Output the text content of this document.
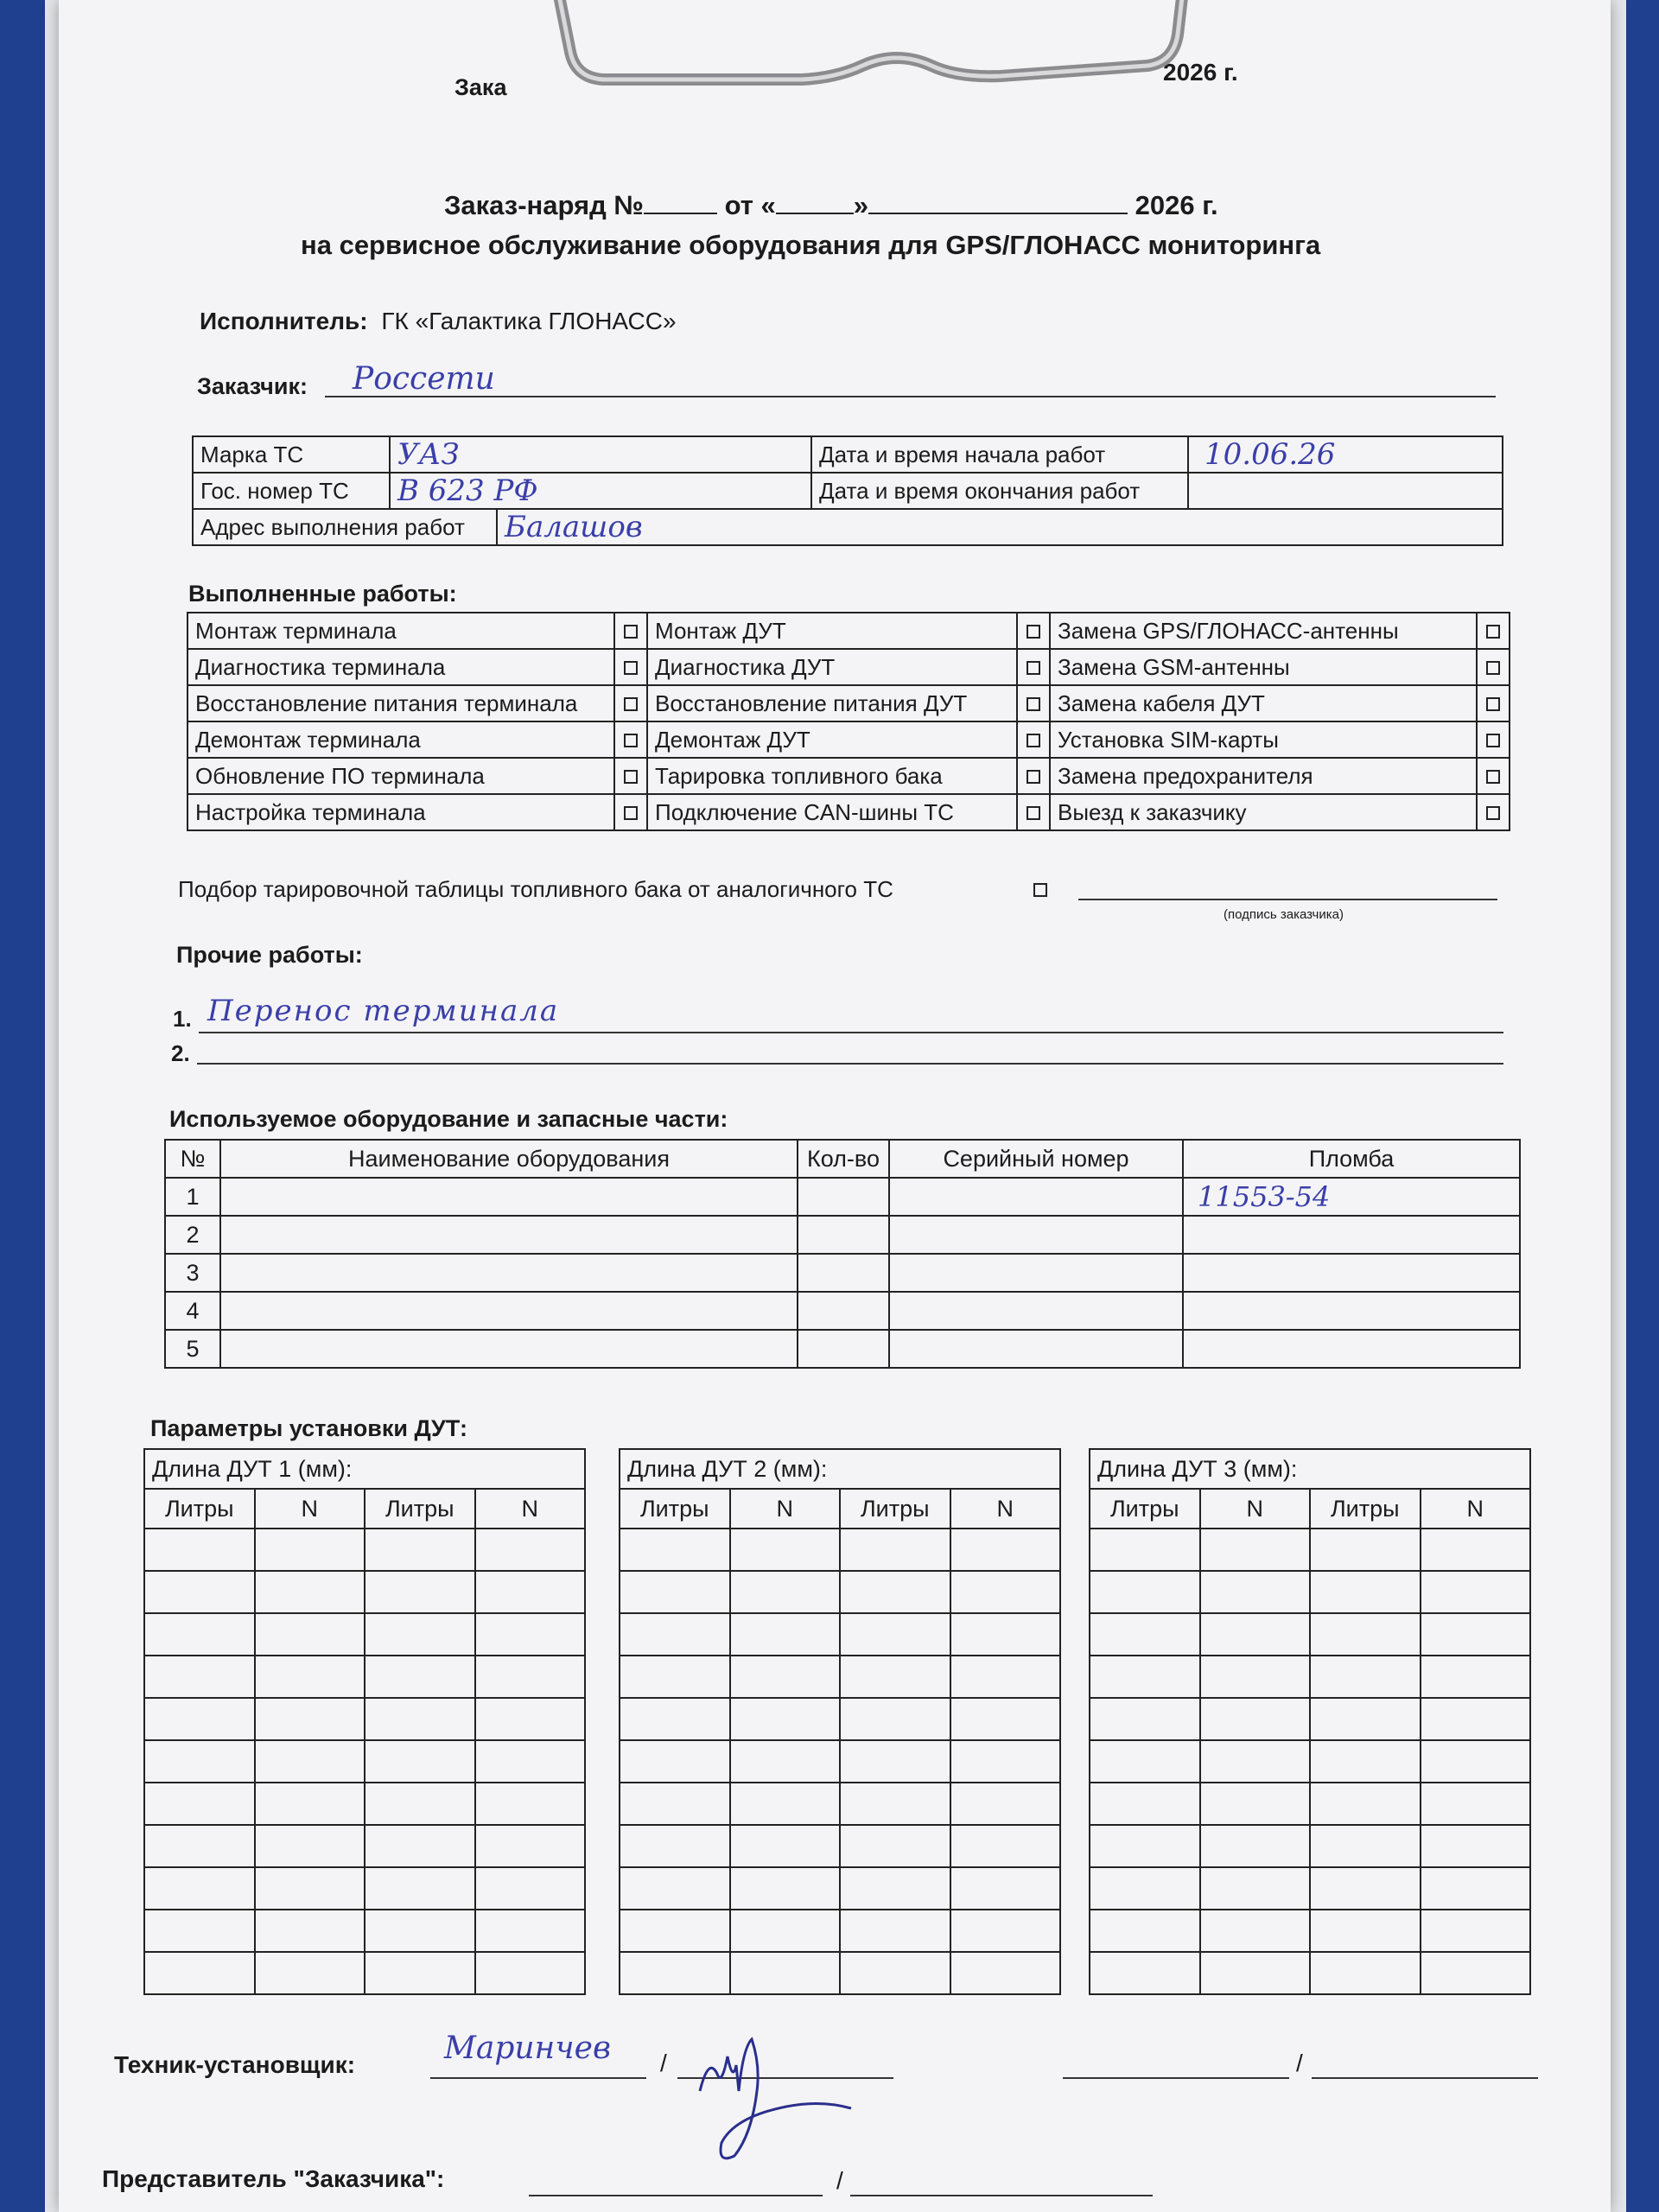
Зака
2026 г.
Заказ-наряд №	от «	»	2026 г.
на сервисное обслуживание оборудования для GPS/ГЛОНАСС мониторинга
Исполнитель: ГК «Галактика ГЛОНАСС»
Заказчик: Россети
Марка ТС	УАЗ		Дата и время начала работ	10.06.26
Гос. номер ТС	В 623 РФ		Дата и время окончания работ	
Адрес выполнения работ		Балашов		
Выполненные работы:
Монтаж терминала		Монтаж ДУТ		Замена GPS/ГЛОНАСС-антенны	
Диагностика терминала		Диагностика ДУТ		Замена GSM-антенны	
Восстановление питания терминала		Восстановление питания ДУТ		Замена кабеля ДУТ	
Демонтаж терминала		Демонтаж ДУТ		Установка SIM-карты	
Обновление ПО терминала		Тарировка топливного бака		Замена предохранителя	
Настройка терминала		Подключение CAN-шины ТС		Выезд к заказчику	
Подбор тарировочной таблицы топливного бака от аналогичного ТС
(подпись заказчика)
Прочие работы:
1. Перенос терминала
2.
Используемое оборудование и запасные части:
№	Наименование оборудования	Кол-во	Серийный номер	Пломба
1				11553-54
2				
3				
4				
5				
Параметры установки ДУТ:
Длина ДУТ 1 (мм):			
Литры	N	Литры	N

Длина ДУТ 2 (мм):			
Литры	N	Литры	N

Длина ДУТ 3 (мм):			
Литры	N	Литры	N

Техник-установщик:	Маринчев /	/
Представитель "Заказчика":	/
